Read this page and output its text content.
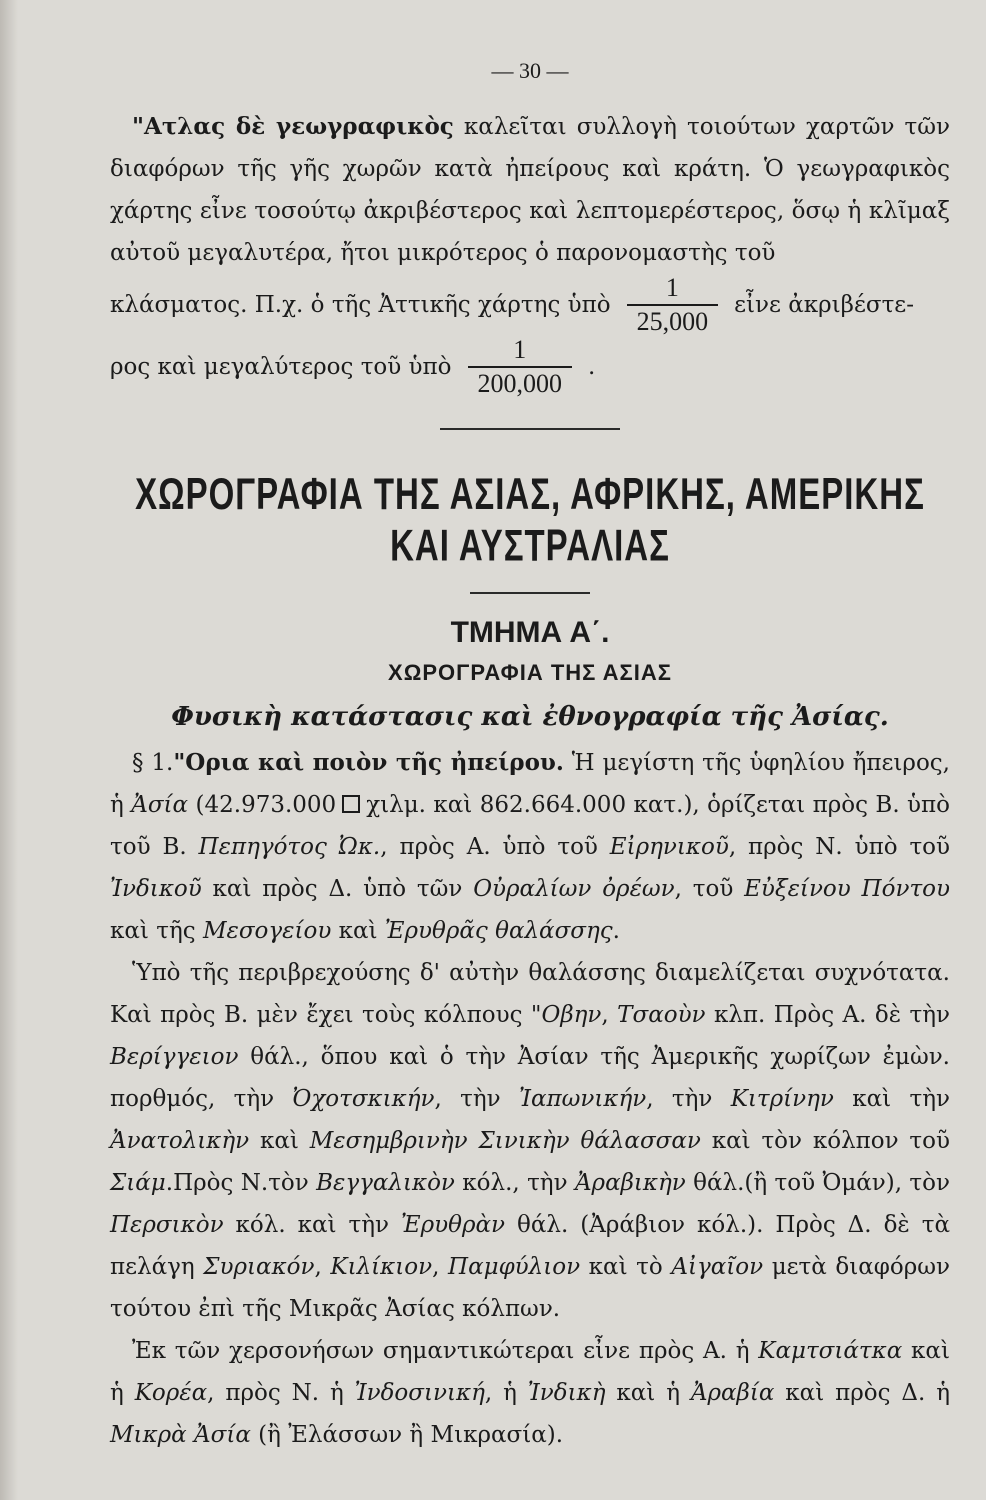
— 30 —

"Ατλας δὲ γεωγραφικὸς καλεῖται συλλογὴ τοιούτων χαρτῶν τῶν διαφόρων τῆς γῆς χωρῶν κατὰ ἠπείρους καὶ κράτη. Ὁ γεωγραφικὸς χάρτης εἶνε τοσούτῳ ἀκριβέστερος καὶ λεπτομερέστερος, ὅσῳ ἡ κλῖμαξ αὐτοῦ μεγαλυτέρα, ἤτοι μικρότερος ὁ παρονομαστὴς τοῦ

κλάσματος. Π.χ. ὁ τῆς Ἀττικῆς χάρτης ὑπὸ $\frac{1}{25,000}$ εἶνε ἀκριβέστε-
ρος καὶ μεγαλύτερος τοῦ ὑπὸ $\frac{1}{200,000}$ .
ΧΩΡΟΓΡΑΦΙΑ ΤΗΣ ΑΣΙΑΣ, ΑΦΡΙΚΗΣ, ΑΜΕΡΙΚΗΣ ΚΑΙ ΑΥΣΤΡΑΛΙΑΣ
ΤΜΗΜΑ Α΄.
ΧΩΡΟΓΡΑΦΙΑ ΤΗΣ ΑΣΙΑΣ
Φυσικὴ κατάστασις καὶ ἐθνογραφία τῆς Ἀσίας.

§ 1."Ορια καὶ ποιὸν τῆς ἠπείρου. Ἡ μεγίστη τῆς ὑφηλίου ἤπειρος, ἡ Ἀσία (42.973.000 χιλμ. καὶ 862.664.000 κατ.), ὁρίζεται πρὸς Β. ὑπὸ τοῦ Β. Πεπηγότος Ὠκ., πρὸς Α. ὑπὸ τοῦ Εἰρηνικοῦ, πρὸς Ν. ὑπὸ τοῦ Ἰνδικοῦ καὶ πρὸς Δ. ὑπὸ τῶν Οὐραλίων ὀρέων, τοῦ Εὐξείνου Πόντου καὶ τῆς Μεσογείου καὶ Ἐρυθρᾶς θαλάσσης.

Ὑπὸ τῆς περιβρεχούσης δ' αὐτὴν θαλάσσης διαμελίζεται συχνότατα. Καὶ πρὸς Β. μὲν ἔχει τοὺς κόλπους "Οβην, Τσαοὺν κλπ. Πρὸς Α. δὲ τὴν Βερίγγειον θάλ., ὅπου καὶ ὁ τὴν Ἀσίαν τῆς Ἀμερικῆς χωρίζων ἐμὼν. πορθμός, τὴν Ὀχοτσκικήν, τὴν Ἰαπωνικήν, τὴν Κιτρίνην καὶ τὴν Ἀνατολικὴν καὶ Μεσημβρινὴν Σινικὴν θάλασσαν καὶ τὸν κόλπον τοῦ Σιάμ.Πρὸς Ν.τὸν Βεγγαλικὸν κόλ., τὴν Ἀραβικὴν θάλ.(ἢ τοῦ Ὀμάν), τὸν Περσικὸν κόλ. καὶ τὴν Ἐρυθρὰν θάλ. (Ἀράβιον κόλ.). Πρὸς Δ. δὲ τὰ πελάγη Συριακόν, Κιλίκιον, Παμφύλιον καὶ τὸ Αἰγαῖον μετὰ διαφόρων τούτου ἐπὶ τῆς Μικρᾶς Ἀσίας κόλπων.

Ἐκ τῶν χερσονήσων σημαντικώτεραι εἶνε πρὸς Α. ἡ Καμτσιάτκα καὶ ἡ Κορέα, πρὸς Ν. ἡ Ἰνδοσινική, ἡ Ἰνδικὴ καὶ ἡ Ἀραβία καὶ πρὸς Δ. ἡ Μικρὰ Ἀσία (ἢ Ἐλάσσων ἢ Μικρασία).
